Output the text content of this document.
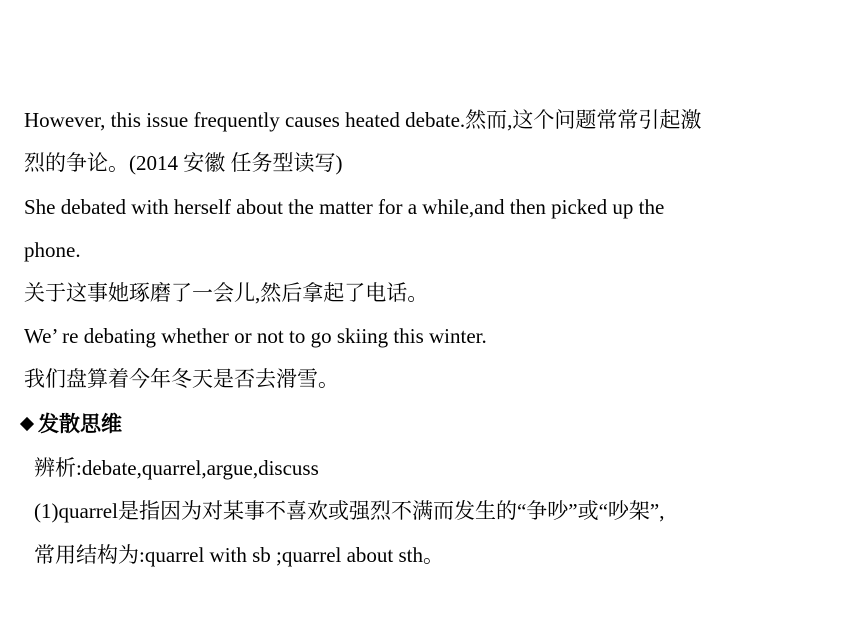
However, this issue frequently causes heated debate.然而,这个问题常常引起激
烈的争论。(2014 安徽 任务型读写)
She debated with herself about the matter for a while,and then picked up the
phone.
关于这事她琢磨了一会儿,然后拿起了电话。
We’ re debating whether or not to go skiing this winter.
我们盘算着今年冬天是否去滑雪。
发散思维
辨析:debate,quarrel,argue,discuss
(1)quarrel是指因为对某事不喜欢或强烈不满而发生的“争吵”或“吵架”,
常用结构为:quarrel with sb ;quarrel about sth。
